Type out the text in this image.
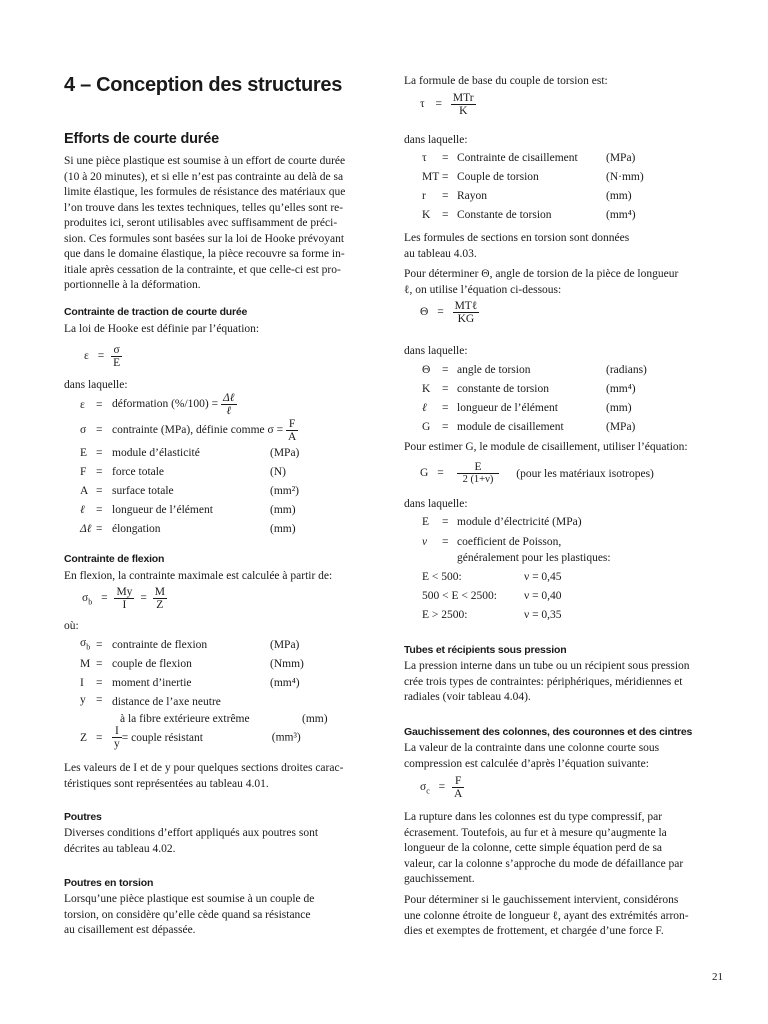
4 – Conception des structures
Efforts de courte durée

Si une pièce plastique est soumise à un effort de courte durée

(10 à 20 minutes), et si elle n’est pas contrainte au delà de sa

limite élastique, les formules de résistance des matériaux que

l’on trouve dans les textes techniques, telles qu’elles sont re-

produites ici, seront utilisables avec suffisamment de préci-

sion. Ces formules sont basées sur la loi de Hooke prévoyant

que dans le domaine élastique, la pièce recouvre sa forme in-

itiale après cessation de la contrainte, et que celle-ci est pro-

portionnelle à la déformation.

Contrainte de traction de courte durée

La loi de Hooke est définie par l’équation:

$\varepsilon = \frac{\sigma}{E}$

dans laquelle:

ε	=	déformation $(\%/100) = \frac{\text{Δℓ}}{\text{ℓ}}$

σ	=	contrainte (MPa), définie comme $\sigma = \frac{F}{A}$

E	=	module d’élasticité	(MPa)
F	=	force totale	(N)
A	=	surface totale	(mm²)
ℓ	=	longueur de l’élément	(mm)
Δℓ	=	élongation	(mm)
Contrainte de flexion

En flexion, la contrainte maximale est calculée à partir de:

$\sigma_b = \frac{My}{I} = \frac{M}{Z}$

où:

$\sigma_b$	=	contrainte de flexion	(MPa)
M	=	couple de flexion	(Nmm)
I	=	moment d’inertie	(mm⁴)
y	=	distance de l’axe neutre
à la fibre extérieure extrême (mm)	
$Z = \frac{I}{y}$ = couple résistant	(mm³)

Les valeurs de I et de y pour quelques sections droites carac-

téristiques sont représentées au tableau 4.01.

Poutres

Diverses conditions d’effort appliqués aux poutres sont

décrites au tableau 4.02.

Poutres en torsion

Lorsqu’une pièce plastique est soumise à un couple de

torsion, on considère qu’elle cède quand sa résistance

au cisaillement est dépassée.

La formule de base du couple de torsion est:

$\tau = \frac{\text{MTr}}{K}$

dans laquelle:

τ	=	Contrainte de cisaillement	(MPa)
MT	=	Couple de torsion	(N·mm)
r	=	Rayon	(mm)
K	=	Constante de torsion	(mm⁴)

Les formules de sections en torsion sont données

au tableau 4.03.

Pour déterminer Θ, angle de torsion de la pièce de longueur

ℓ, on utilise l’équation ci-dessous:

$\Theta = \frac{\text{MTℓ}}{KG}$

dans laquelle:

Θ	=	angle de torsion	(radians)
K	=	constante de torsion	(mm⁴)
ℓ	=	longueur de l’élément	(mm)
G	=	module de cisaillement	(MPa)

Pour estimer G, le module de cisaillement, utiliser l’équation:

$G = \frac{E}{2 (1+\nu)}$ (pour les matériaux isotropes)

dans laquelle:

E = module d’électricité (MPa)
ν = coefficient de Poisson,
généralement pour les plastiques:
E < 500:	ν = 0,45
500 < E < 2500:	ν = 0,40
E > 2500:	ν = 0,35
Tubes et récipients sous pression

La pression interne dans un tube ou un récipient sous pression

crée trois types de contraintes: périphériques, méridiennes et

radiales (voir tableau 4.04).

Gauchissement des colonnes, des couronnes et des cintres

La valeur de la contrainte dans une colonne courte sous

compression est calculée d’après l’équation suivante:

$\sigma_c = \frac{F}{A}$

La rupture dans les colonnes est du type compressif, par

écrasement. Toutefois, au fur et à mesure qu’augmente la

longueur de la colonne, cette simple équation perd de sa

valeur, car la colonne s’approche du mode de défaillance par

gauchissement.

Pour déterminer si le gauchissement intervient, considérons

une colonne étroite de longueur ℓ, ayant des extrémités arron-

dies et exemptes de frottement, et chargée d’une force F.

21
